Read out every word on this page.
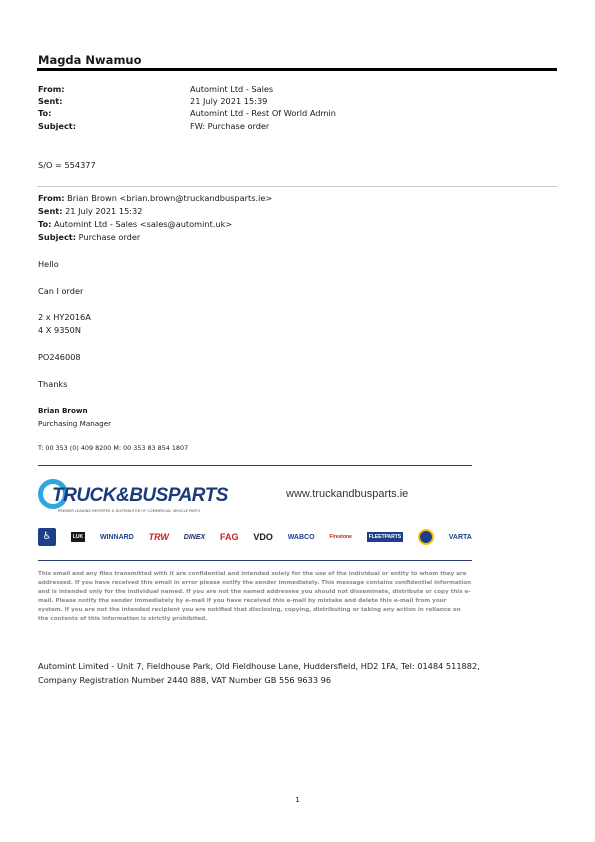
Magda Nwamuo
From:	Automint Ltd - Sales
Sent:	21 July 2021 15:39
To:	Automint Ltd - Rest Of World Admin
Subject:	FW: Purchase order
S/O = 554377
From: Brian Brown <brian.brown@truckandbusparts.ie>
Sent: 21 July 2021 15:32
To: Automint Ltd - Sales <sales@automint.uk>
Subject: Purchase order
Hello
Can I order
2 x HY2016A
4 X 9350N
PO246008
Thanks
Brian Brown
Purchasing Manager
T: 00 353 (0) 409 8200 M: 00 353 83 854 1807
TRUCK&BUSPARTS
PREMIER LEADING IMPORTER & DISTRIBUTOR OF COMMERCIAL VEHICLE PARTS
www.truckandbusparts.ie
♿	LUK WINNARD TRW DINEX FAG VDO WABCO	Firestone	FLEETPARTS	VARTA
This email and any files transmitted with it are confidential and intended solely for the use of the individual or entity to whom they are addressed. If you have received this email in error please notify the sender immediately. This message contains confidential information and is intended only for the individual named. If you are not the named addressee you should not disseminate, distribute or copy this e-mail. Please notify the sender immediately by e-mail if you have received this e-mail by mistake and delete this e-mail from your system. If you are not the intended recipient you are notified that disclosing, copying, distributing or taking any action in reliance on the contents of this information is strictly prohibited.
Automint Limited - Unit 7, Fieldhouse Park, Old Fieldhouse Lane, Huddersfield, HD2 1FA, Tel: 01484 511882,
Company Registration Number 2440 888, VAT Number GB 556 9633 96
1
